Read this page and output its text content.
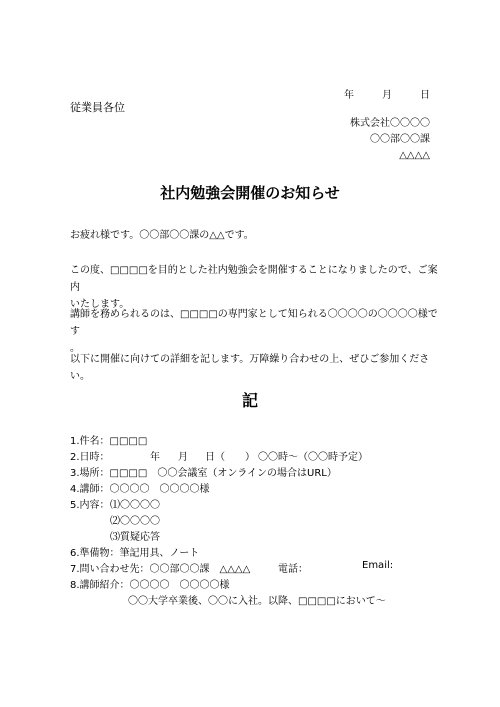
年	月	日
従業員各位
株式会社〇〇〇〇
〇〇部〇〇課
△△△△
社内勉強会開催のお知らせ
お疲れ様です。〇〇部〇〇課の△△です。
この度、□□□□を目的とした社内勉強会を開催することになりましたので、ご案内
いたします。
講師を務められるのは、□□□□の専門家として知られる〇〇〇〇の〇〇〇〇様です
。
以下に開催に向けての詳細を記します。万障繰り合わせの上、ぜひご参加ください。
記
1.件名：□□□□
2.日時：	年 月 日（　　） 〇〇時～（〇〇時予定）
3.場所：□□□□　〇〇会議室（オンラインの場合はURL）
4.講師：〇〇〇〇　〇〇〇〇様
5.内容： ⑴〇〇〇〇
⑵〇〇〇〇
⑶質疑応答
6.準備物：筆記用具、ノート
7.問い合わせ先：〇〇部〇〇課　△△△△	電話：	Email:
8.講師紹介：〇〇〇〇　〇〇〇〇様
〇〇大学卒業後、〇〇に入社。以降、□□□□において～
